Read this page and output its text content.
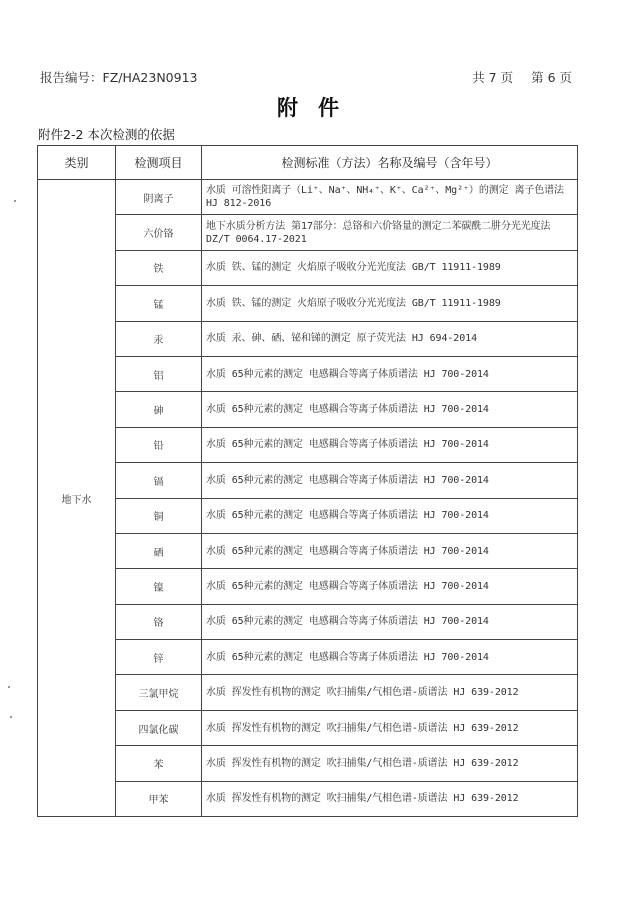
报告编号：FZ/HA23N0913	共 7 页 第 6 页
附件
附件2-2 本次检测的依据
类别	检测项目	检测标准（方法）名称及编号（含年号）
地下水	阴离子	水质 可溶性阳离子（Li⁺、Na⁺、NH₄⁺、K⁺、Ca²⁺、Mg²⁺）的测定 离子色谱法 HJ 812-2016
	六价铬	地下水质分析方法 第17部分：总铬和六价铬量的测定二苯碳酰二肼分光光度法 DZ/T 0064.17-2021
	铁	水质 铁、锰的测定 火焰原子吸收分光光度法 GB/T 11911-1989
	锰	水质 铁、锰的测定 火焰原子吸收分光光度法 GB/T 11911-1989
	汞	水质 汞、砷、硒、铋和锑的测定 原子荧光法 HJ 694-2014
	铝	水质 65种元素的测定 电感耦合等离子体质谱法 HJ 700-2014
	砷	水质 65种元素的测定 电感耦合等离子体质谱法 HJ 700-2014
	铅	水质 65种元素的测定 电感耦合等离子体质谱法 HJ 700-2014
	镉	水质 65种元素的测定 电感耦合等离子体质谱法 HJ 700-2014
	铜	水质 65种元素的测定 电感耦合等离子体质谱法 HJ 700-2014
	硒	水质 65种元素的测定 电感耦合等离子体质谱法 HJ 700-2014
	镍	水质 65种元素的测定 电感耦合等离子体质谱法 HJ 700-2014
	铬	水质 65种元素的测定 电感耦合等离子体质谱法 HJ 700-2014
	锌	水质 65种元素的测定 电感耦合等离子体质谱法 HJ 700-2014
	三氯甲烷	水质 挥发性有机物的测定 吹扫捕集/气相色谱-质谱法 HJ 639-2012
	四氯化碳	水质 挥发性有机物的测定 吹扫捕集/气相色谱-质谱法 HJ 639-2012
	苯	水质 挥发性有机物的测定 吹扫捕集/气相色谱-质谱法 HJ 639-2012
	甲苯	水质 挥发性有机物的测定 吹扫捕集/气相色谱-质谱法 HJ 639-2012
